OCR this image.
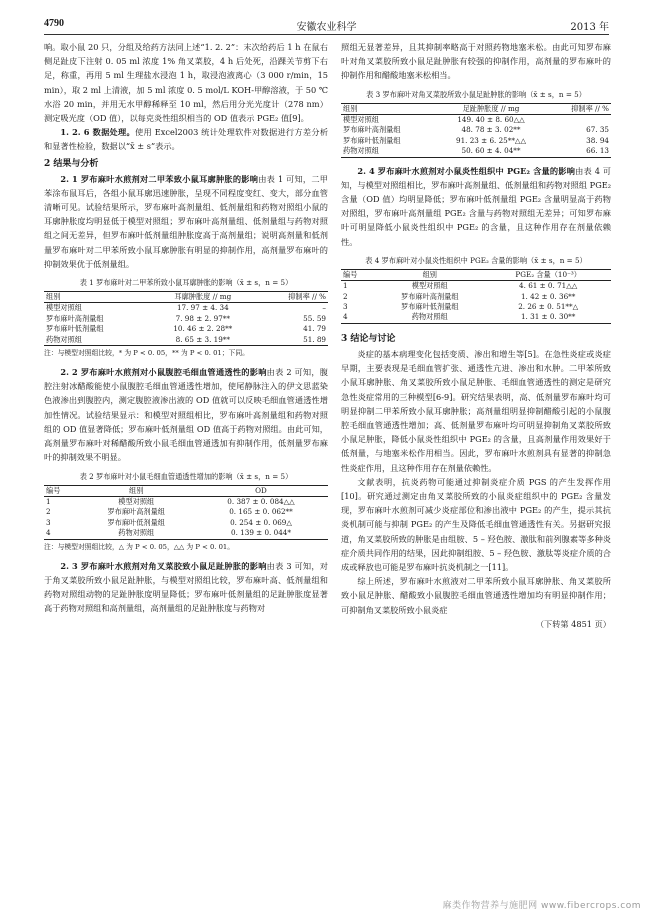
4790	安徽农业科学	2013 年

响。取小鼠 20 只，分组及给药方法同上述“1. 2. 2”：末次给药后 1 h 在鼠右侧足趾皮下注射 0. 05 ml 浓度 1% 角叉菜胶，4 h 后处死，沿踝关节剪下右足，称重，再用 5 ml 生理盐水浸泡 1 h，取浸泡液离心（3 000 r/min，15 min），取 2 ml 上清液，加 5 ml 浓度 0. 5 mol/L KOH-甲醇溶液，于 50 ℃水浴 20 min，并用无水甲醇稀释至 10 ml，然后用分光光度计（278 nm）测定吸光度（OD 值），以每克炎性组织相当的 OD 值表示 PGE₂ 值[9]。

1. 2. 6 数据处理。使用 Excel2003 统计处理软件对数据进行方差分析和显著性检验，数据以“x̄ ± s”表示。

2 结果与分析

2. 1 罗布麻叶水煎剂对二甲苯致小鼠耳廓肿胀的影响由表 1 可知，二甲苯涂布鼠耳后，各组小鼠耳廓迅速肿胀，呈现不同程度变红、变大，部分血管清晰可见。试验结果所示，罗布麻叶高剂量组、低剂量组和药物对照组小鼠的耳廓肿胀度均明显低于模型对照组；罗布麻叶高剂量组、低剂量组与药物对照组之间无差异，但罗布麻叶低剂量组肿胀度高于高剂量组；说明高剂量和低剂量罗布麻叶对二甲苯所致小鼠耳廓肿胀有明显的抑制作用，高剂量罗布麻叶的抑制效果优于低剂量组。

表 1 罗布麻叶对二甲苯所致小鼠耳廓肿胀的影响（x̄ ± s，n = 5）
组别	耳廓肿胀度 // mg	抑制率 // %
模型对照组	17. 97 ± 4. 34	–
罗布麻叶高剂量组	7. 98 ± 2. 97**	55. 59
罗布麻叶低剂量组	10. 46 ± 2. 28**	41. 79
药物对照组	8. 65 ± 3. 19**	51. 89
注：与模型对照组比较，* 为 P < 0. 05，** 为 P < 0. 01；下同。

2. 2 罗布麻叶水煎剂对小鼠腹腔毛细血管通透性的影响由表 2 可知，腹腔注射冰醋酸能使小鼠腹腔毛细血管通透性增加，使尾静脉注入的伊文思蓝染色液渗出到腹腔内，测定腹腔液渗出液的 OD 值就可以反映毛细血管通透性增加性情况。试验结果显示：和模型对照组相比，罗布麻叶高剂量组和药物对照组的 OD 值显著降低；罗布麻叶低剂量组 OD 值高于药物对照组。由此可知，高剂量罗布麻叶对稀醋酸所致小鼠毛细血管通透加有抑制作用，低剂量罗布麻叶的抑制效果不明显。

表 2 罗布麻叶对小鼠毛细血管通透性增加的影响（x̄ ± s，n = 5）
编号	组别	OD
1	模型对照组	0. 387 ± 0. 084△△
2	罗布麻叶高剂量组	0. 165 ± 0. 062**
3	罗布麻叶低剂量组	0. 254 ± 0. 069△
4	药物对照组	0. 139 ± 0. 044*
注：与模型对照组比较，△ 为 P < 0. 05，△△ 为 P < 0. 01。

2. 3 罗布麻叶水煎剂对角叉菜胶致小鼠足趾肿胀的影响由表 3 可知，对于角叉菜胶所致小鼠足趾肿胀，与模型对照组比较，罗布麻叶高、低剂量组和药物对照组动物的足趾肿胀度明显降低；罗布麻叶低剂量组的足趾肿胀度显著高于药物对照组和高剂量组，高剂量组的足趾肿胀度与药物对

照组无显著差异，且其抑制率略高于对照药物地塞米松。由此可知罗布麻叶对角叉菜胶所致小鼠足趾肿胀有较强的抑制作用，高剂量的罗布麻叶的抑制作用和醋酸地塞米松相当。

表 3 罗布麻叶对角叉菜胶所致小鼠足趾肿胀的影响（x̄ ± s，n = 5）
组别	足趾肿胀度 // mg	抑制率 // %
模型对照组	149. 40 ± 8. 60△△	
罗布麻叶高剂量组	48. 78 ± 3. 02**	67. 35
罗布麻叶低剂量组	91. 23 ± 6. 25**△△	38. 94
药物对照组	50. 60 ± 4. 04**	66. 13

2. 4 罗布麻叶水煎剂对小鼠炎性组织中 PGE₂ 含量的影响由表 4 可知，与模型对照组相比，罗布麻叶高剂量组、低剂量组和药物对照组 PGE₂ 含量（OD 值）均明显降低；罗布麻叶低剂量组 PGE₂ 含量明显高于药物对照组，罗布麻叶高剂量组 PGE₂ 含量与药物对照组无差异；可知罗布麻叶可明显降低小鼠炎性组织中 PGE₂ 的含量，且这种作用存在剂量依赖性。

表 4 罗布麻叶对小鼠炎性组织中 PGE₂ 含量的影响（x̄ ± s，n = 5）
编号	组别	PGE₂ 含量（10⁻³）
1	模型对照组	4. 61 ± 0. 71△△
2	罗布麻叶高剂量组	1. 42 ± 0. 36**
3	罗布麻叶低剂量组	2. 26 ± 0. 51**△
4	药物对照组	1. 31 ± 0. 30**
3 结论与讨论

炎症的基本病理变化包括变质、渗出和增生等[5]。在急性炎症或炎症早期，主要表现是毛细血管扩张、通透性亢进、渗出和水肿。二甲苯所致小鼠耳廓肿胀、角叉菜胶所致小鼠足肿胀、毛细血管通透性的测定是研究急性炎症常用的三种模型[6-9]。研究结果表明，高、低剂量罗布麻叶均可明显抑制二甲苯所致小鼠耳廓肿胀；高剂量组明显抑制醋酸引起的小鼠腹腔毛细血管通透性增加；高、低剂量罗布麻叶均可明显抑制角叉菜胶所致小鼠足肿胀，降低小鼠炎性组织中 PGE₂ 的含量，且高剂量作用效果好于低剂量，与地塞米松作用相当。因此，罗布麻叶水煎剂具有显著的抑制急性炎症作用，且这种作用存在剂量依赖性。

文献表明，抗炎药物可能通过抑制炎症介质 PGS 的产生发挥作用[10]。研究通过测定由角叉菜胶所致的小鼠炎症组织中的 PGE₂ 含量发现，罗布麻叶水煎剂可减少炎症部位和渗出液中 PGE₂ 的产生，提示其抗炎机制可能与抑制 PGE₂ 的产生及降低毛细血管通透性有关。另据研究报道，角叉菜胶所致的肿胀是由组胺、5 – 羟色胺、激肽和前列腺素等多种炎症介质共同作用的结果，因此抑制组胺、5 – 羟色胺、激肽等炎症介质的合成或释放也可能是罗布麻叶抗炎机制之一[11]。

综上所述，罗布麻叶水煎液对二甲苯所致小鼠耳廓肿胀、角叉菜胶所致小鼠足肿胀、醋酸致小鼠腹腔毛细血管通透性增加均有明显抑制作用；可抑制角叉菜胶所致小鼠炎症

（下转第 4851 页）
麻类作物营养与施肥网 www.fibercrops.com
